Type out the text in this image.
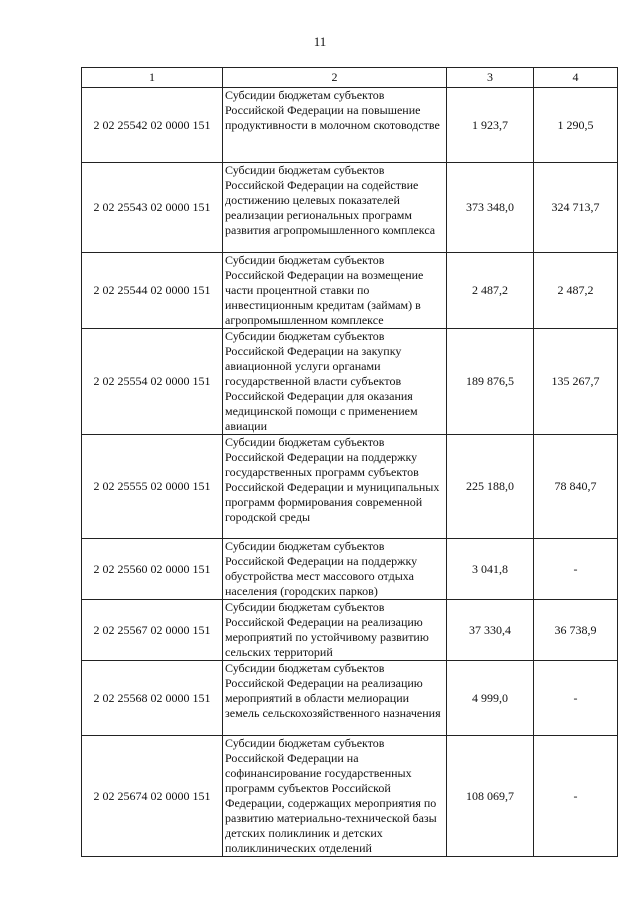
11
1	2	3	4
2 02 25542 02 0000 151	Субсидии бюджетам субъектов Российской Федерации на повышение продуктивности в молочном скотоводстве	1 923,7	1 290,5
2 02 25543 02 0000 151	Субсидии бюджетам субъектов Российской Федерации на содействие достижению целевых показателей реализации региональных программ развития агропромышленного комплекса	373 348,0	324 713,7
2 02 25544 02 0000 151	Субсидии бюджетам субъектов Российской Федерации на возмещение части процентной ставки по инвестиционным кредитам (займам) в агропромышленном комплексе	2 487,2	2 487,2
2 02 25554 02 0000 151	Субсидии бюджетам субъектов Российской Федерации на закупку авиационной услуги органами государственной власти субъектов Российской Федерации для оказания медицинской помощи с применением авиации	189 876,5	135 267,7
2 02 25555 02 0000 151	Субсидии бюджетам субъектов Российской Федерации на поддержку государственных программ субъектов Российской Федерации и муниципальных программ формирования современной городской среды	225 188,0	78 840,7
2 02 25560 02 0000 151	Субсидии бюджетам субъектов Российской Федерации на поддержку обустройства мест массового отдыха населения (городских парков)	3 041,8	-
2 02 25567 02 0000 151	Субсидии бюджетам субъектов Российской Федерации на реализацию мероприятий по устойчивому развитию сельских территорий	37 330,4	36 738,9
2 02 25568 02 0000 151	Субсидии бюджетам субъектов Российской Федерации на реализацию мероприятий в области мелиорации земель сельскохозяйственного назначения	4 999,0	-
2 02 25674 02 0000 151	Субсидии бюджетам субъектов Российской Федерации на софинансирование государственных программ субъектов Российской Федерации, содержащих мероприятия по развитию материально-технической базы детских поликлиник и детских поликлинических отделений	108 069,7	-
